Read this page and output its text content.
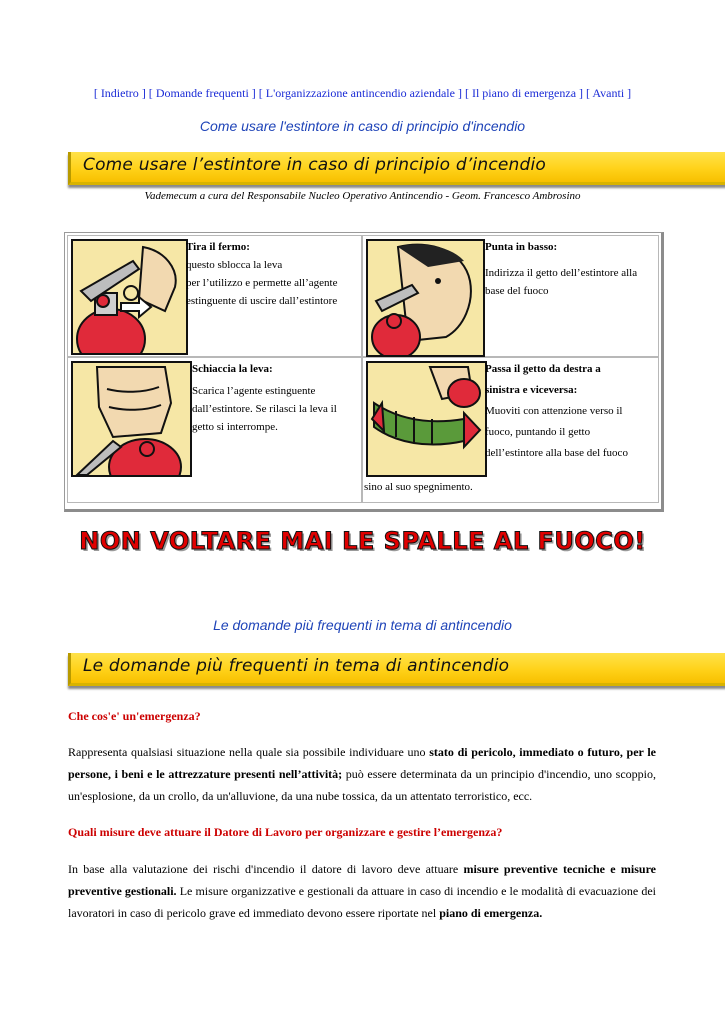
[ Indietro ] [ Domande frequenti ] [ L'organizzazione antincendio aziendale ] [ Il piano di emergenza ] [ Avanti ]
Come usare l'estintore in caso di principio d'incendio
Come usare l’estintore in caso di principio d’incendio
Vademecum a cura del Responsabile Nucleo Operativo Antincendio - Geom. Francesco Ambrosino
Tira il fermo:
questo sblocca la leva
per l’utilizzo e permette all’agente
estinguente di uscire dall’estintore
Punta in basso:

Indirizza il getto dell’estintore alla
base del fuoco
Schiaccia la leva:

Scarica l’agente estinguente
dall’estintore. Se rilasci la leva il
getto si interrompe.
Passa il getto da destra a

sinistra e viceversa:

Muoviti con attenzione verso il

fuoco, puntando il getto

dell’estintore alla base del fuoco
sino al suo spegnimento.
NON VOLTARE MAI LE SPALLE AL FUOCO!
Le domande più frequenti in tema di antincendio
Le domande più frequenti in tema di antincendio
Che cos'e' un'emergenza?
Rappresenta qualsiasi situazione nella quale sia possibile individuare uno stato di pericolo, immediato o futuro, per le persone, i beni e le attrezzature presenti nell’attività; può essere determinata da un principio d'incendio, uno scoppio, un'esplosione, da un crollo, da un'alluvione, da una nube tossica, da un attentato terroristico, ecc.
Quali misure deve attuare il Datore di Lavoro per organizzare e gestire l’emergenza?
In base alla valutazione dei rischi d'incendio il datore di lavoro deve attuare misure preventive tecniche e misure preventive gestionali. Le misure organizzative e gestionali da attuare in caso di incendio e le modalità di evacuazione dei lavoratori in caso di pericolo grave ed immediato devono essere riportate nel piano di emergenza.
